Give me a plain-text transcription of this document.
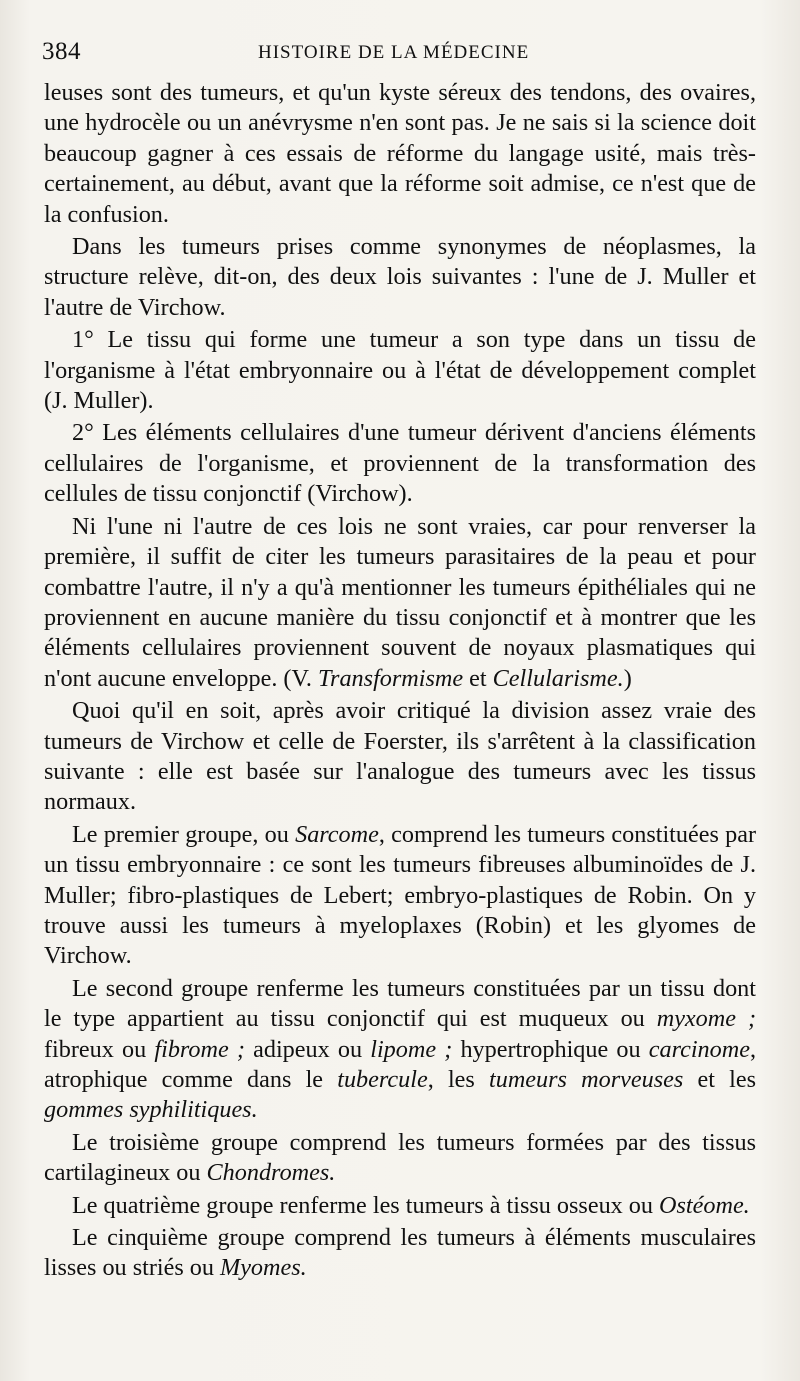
384	HISTOIRE DE LA MÉDECINE

leuses sont des tumeurs, et qu'un kyste séreux des tendons, des ovaires, une hydrocèle ou un anévrysme n'en sont pas. Je ne sais si la science doit beaucoup gagner à ces essais de réforme du langage usité, mais très-certainement, au début, avant que la réforme soit admise, ce n'est que de la confusion.

Dans les tumeurs prises comme synonymes de néoplasmes, la structure relève, dit-on, des deux lois suivantes : l'une de J. Muller et l'autre de Virchow.

1° Le tissu qui forme une tumeur a son type dans un tissu de l'organisme à l'état embryonnaire ou à l'état de développement complet (J. Muller).

2° Les éléments cellulaires d'une tumeur dérivent d'anciens éléments cellulaires de l'organisme, et proviennent de la transformation des cellules de tissu conjonctif (Virchow).

Ni l'une ni l'autre de ces lois ne sont vraies, car pour renverser la première, il suffit de citer les tumeurs parasitaires de la peau et pour combattre l'autre, il n'y a qu'à mentionner les tumeurs épithéliales qui ne proviennent en aucune manière du tissu conjonctif et à montrer que les éléments cellulaires proviennent souvent de noyaux plasmatiques qui n'ont aucune enveloppe. (V. Transformisme et Cellularisme.)

Quoi qu'il en soit, après avoir critiqué la division assez vraie des tumeurs de Virchow et celle de Foerster, ils s'arrêtent à la classification suivante : elle est basée sur l'analogue des tumeurs avec les tissus normaux.

Le premier groupe, ou Sarcome, comprend les tumeurs constituées par un tissu embryonnaire : ce sont les tumeurs fibreuses albuminoïdes de J. Muller; fibro-plastiques de Lebert; embryo-plastiques de Robin. On y trouve aussi les tumeurs à myeloplaxes (Robin) et les glyomes de Virchow.

Le second groupe renferme les tumeurs constituées par un tissu dont le type appartient au tissu conjonctif qui est muqueux ou myxome ; fibreux ou fibrome ; adipeux ou lipome ; hypertrophique ou carcinome, atrophique comme dans le tubercule, les tumeurs morveuses et les gommes syphilitiques.

Le troisième groupe comprend les tumeurs formées par des tissus cartilagineux ou Chondromes.

Le quatrième groupe renferme les tumeurs à tissu osseux ou Ostéome.

Le cinquième groupe comprend les tumeurs à éléments musculaires lisses ou striés ou Myomes.
